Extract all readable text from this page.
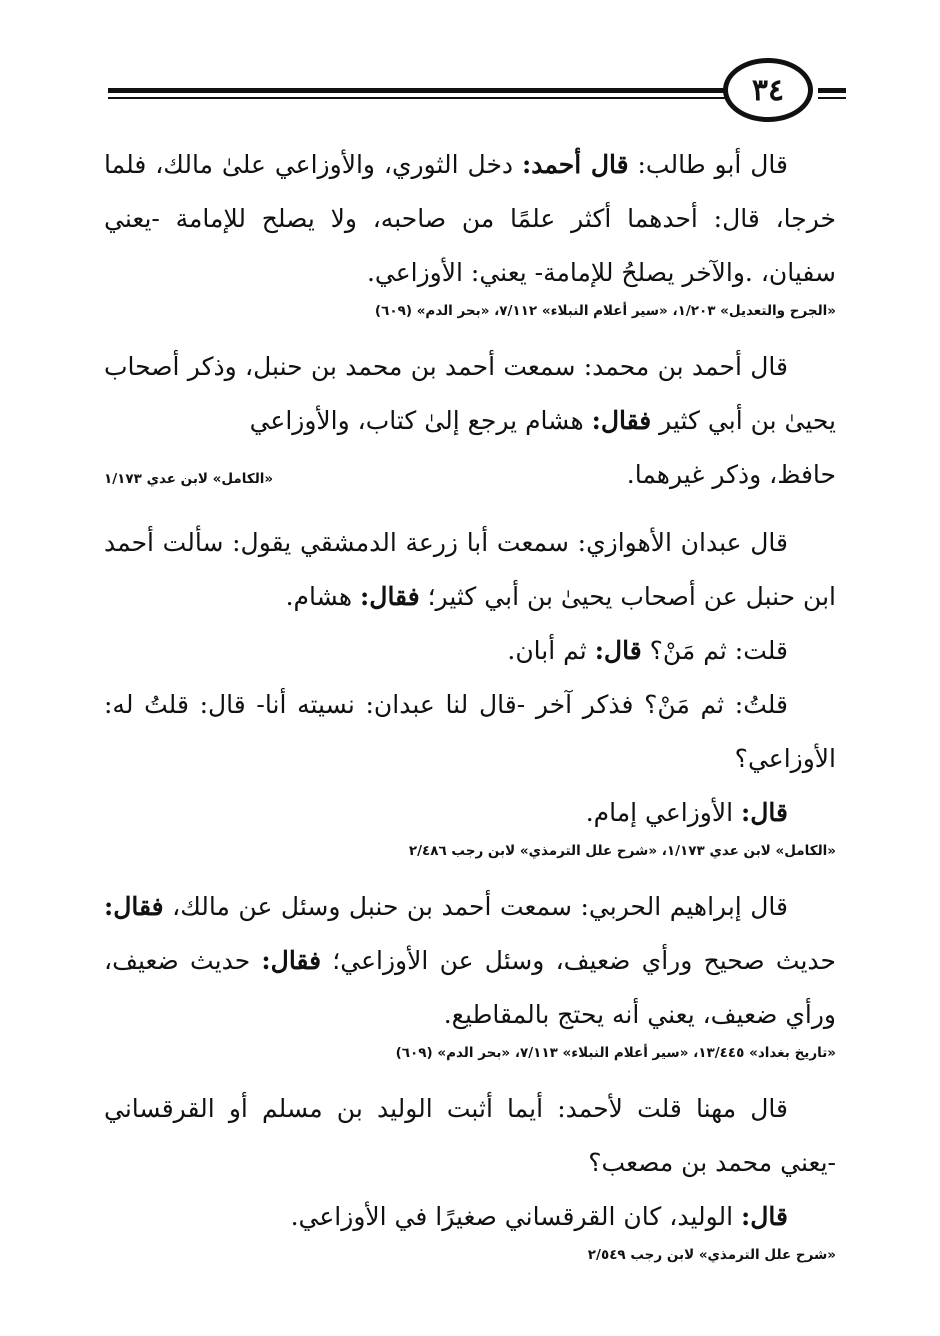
٣٤

قال أبو طالب: قال أحمد: دخل الثوري، والأوزاعي علىٰ مالك، فلما خرجا، قال: أحدهما أكثر علمًا من صاحبه، ولا يصلح للإمامة -يعني سفيان، .والآخر يصلحُ للإمامة- يعني: الأوزاعي.

«الجرح والتعديل» ١/٢٠٣، «سير أعلام النبلاء» ٧/١١٢، «بحر الدم» (٦٠٩)

قال أحمد بن محمد: سمعت أحمد بن محمد بن حنبل، وذكر أصحاب يحيىٰ بن أبي كثير فقال: هشام يرجع إلىٰ كتاب، والأوزاعي

حافظ، وذكر غيرهما.
«الكامل» لابن عدي ١/١٧٣

قال عبدان الأهوازي: سمعت أبا زرعة الدمشقي يقول: سألت أحمد ابن حنبل عن أصحاب يحيىٰ بن أبي كثير؛ فقال: هشام.

قلت: ثم مَنْ؟ قال: ثم أبان.

قلتُ: ثم مَنْ؟ فذكر آخر -قال لنا عبدان: نسيته أنا- قال: قلتُ له: الأوزاعي؟

قال: الأوزاعي إمام.

«الكامل» لابن عدي ١/١٧٣، «شرح علل الترمذي» لابن رجب ٢/٤٨٦

قال إبراهيم الحربي: سمعت أحمد بن حنبل وسئل عن مالك، فقال: حديث صحيح ورأي ضعيف، وسئل عن الأوزاعي؛ فقال: حديث ضعيف، ورأي ضعيف، يعني أنه يحتج بالمقاطيع.

«تاريخ بغداد» ١٣/٤٤٥، «سير أعلام النبلاء» ٧/١١٣، «بحر الدم» (٦٠٩)

قال مهنا قلت لأحمد: أيما أثبت الوليد بن مسلم أو القرقساني -يعني محمد بن مصعب؟

قال: الوليد، كان القرقساني صغيرًا في الأوزاعي.

«شرح علل الترمذي» لابن رجب ٢/٥٤٩
